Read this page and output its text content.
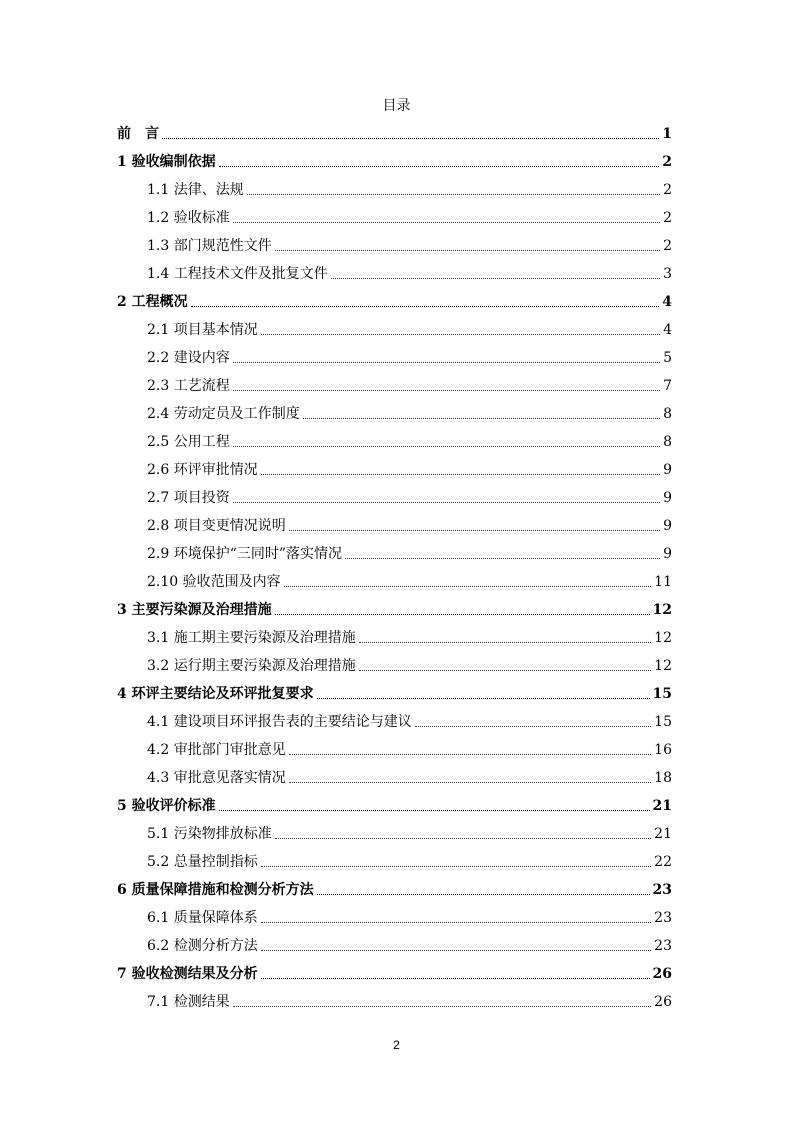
目录
前　言	1
1 验收编制依据	2
1.1 法律、法规	2
1.2 验收标准	2
1.3 部门规范性文件	2
1.4 工程技术文件及批复文件	3
2 工程概况	4
2.1 项目基本情况	4
2.2 建设内容	5
2.3 工艺流程	7
2.4 劳动定员及工作制度	8
2.5 公用工程	8
2.6 环评审批情况	9
2.7 项目投资	9
2.8 项目变更情况说明	9
2.9 环境保护“三同时”落实情况	9
2.10 验收范围及内容	11
3 主要污染源及治理措施	12
3.1 施工期主要污染源及治理措施	12
3.2 运行期主要污染源及治理措施	12
4 环评主要结论及环评批复要求	15
4.1 建设项目环评报告表的主要结论与建议	15
4.2 审批部门审批意见	16
4.3 审批意见落实情况	18
5 验收评价标准	21
5.1 污染物排放标准	21
5.2 总量控制指标	22
6 质量保障措施和检测分析方法	23
6.1 质量保障体系	23
6.2 检测分析方法	23
7 验收检测结果及分析	26
7.1 检测结果	26
2
